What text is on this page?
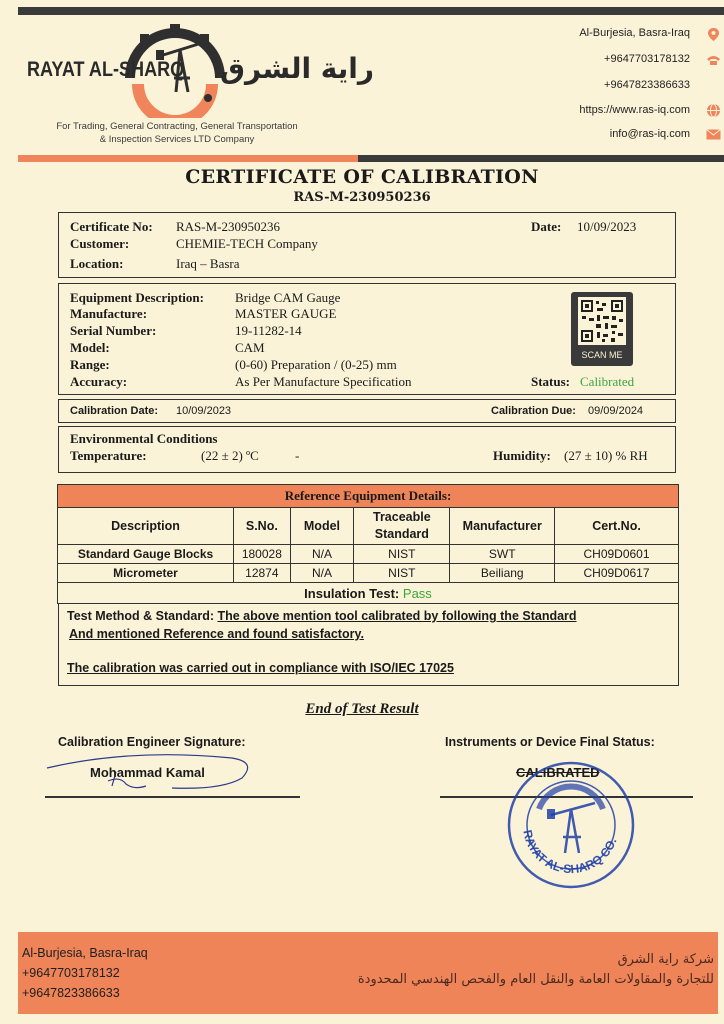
RAYAT AL-SHARQ راية الشرق
For Trading, General Contracting, General Transportation
& Inspection Services LTD Company
Al-Burjesia, Basra-Iraq
+9647703178132
+9647823386633
https://www.ras-iq.com
info@ras-iq.com
CERTIFICATE OF CALIBRATION
RAS-M-230950236
Certificate No: RAS-M-230950236	Date: 10/09/2023
Customer:	CHEMIE-TECH Company
Location:	Iraq – Basra
Equipment Description: Bridge CAM Gauge
Manufacture:	MASTER GAUGE
Serial Number:	19-11282-14
Model:	CAM
Range:	(0-60) Preparation / (0-25) mm
Accuracy:	As Per Manufacture Specification	Status: Calibrated
SCAN ME
Calibration Date: 10/09/2023	Calibration Due: 09/09/2024
Environmental Conditions
Temperature:	(22 ± 2) ºC	-	Humidity: (27 ± 10) % RH
Reference Equipment Details:					
Description	S.No.	Model	Traceable Standard	Manufacturer	Cert.No.
Standard Gauge Blocks	180028	N/A	NIST	SWT	CH09D0601
Micrometer	12874	N/A	NIST	Beiliang	CH09D0617
Insulation Test: Pass					
Test Method & Standard: The above mention tool calibrated by following the Standard
And mentioned Reference and found satisfactory.
The calibration was carried out in compliance with ISO/IEC 17025
End of Test Result
Calibration Engineer Signature:
Mohammad Kamal
Instruments or Device Final Status:
CALIBRATED
RAYAT AL-SHARQ CO.
Al-Burjesia, Basra-Iraq
+9647703178132
+9647823386633
شركة راية الشرق
للتجارة والمقاولات العامة والنقل العام والفحص الهندسي المحدودة
